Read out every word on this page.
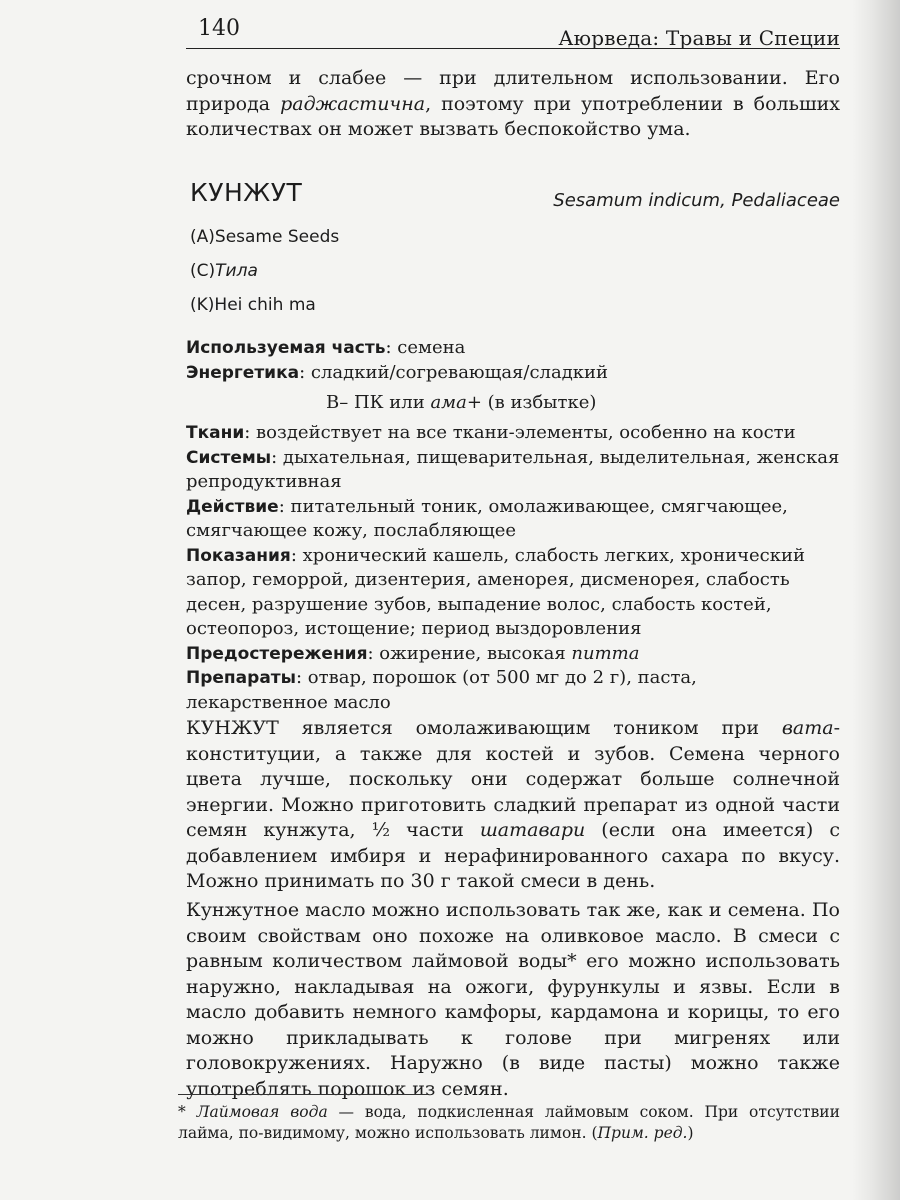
140	Аюрведа: Травы и Специи

срочном и слабее — при длительном использовании. Его природа раджастична, поэтому при употреблении в больших количествах он может вызвать беспокойство ума.

КУНЖУТ	Sesamum indicum, Pedaliaceae
(A)Sesame Seeds
(C)Тила
(K)Hei chih ma

Используемая часть: семена

Энергетика: сладкий/согревающая/сладкий

В– ПК или ама+ (в избытке)

Ткани: воздействует на все ткани-элементы, особенно на кости

Системы: дыхательная, пищеварительная, выделительная, женская репродуктивная

Действие: питательный тоник, омолаживающее, смягчающее, смягчающее кожу, послабляющее

Показания: хронический кашель, слабость легких, хронический запор, геморрой, дизентерия, аменорея, дисменорея, слабость десен, разрушение зубов, выпадение волос, слабость костей, остеопороз, истощение; период выздоровления

Предостережения: ожирение, высокая питта

Препараты: отвар, порошок (от 500 мг до 2 г), паста, лекарственное масло

КУНЖУТ является омолаживающим тоником при вата-конституции, а также для костей и зубов. Семена черного цвета лучше, поскольку они содержат больше солнечной энергии. Можно приготовить сладкий препарат из одной части семян кунжута, ½ части шатавари (если она имеется) с добавлением имбиря и нерафинированного сахара по вкусу. Можно принимать по 30 г такой смеси в день.

Кунжутное масло можно использовать так же, как и семена. По своим свойствам оно похоже на оливковое масло. В смеси с равным количеством лаймовой воды* его можно использовать наружно, накладывая на ожоги, фурункулы и язвы. Если в масло добавить немного камфоры, кардамона и корицы, то его можно прикладывать к голове при мигренях или головокружениях. Наружно (в виде пасты) можно также употреблять порошок из семян.

* Лаймовая вода — вода, подкисленная лаймовым соком. При отсутствии лайма, по-видимому, можно использовать лимон. (Прим. ред.)
